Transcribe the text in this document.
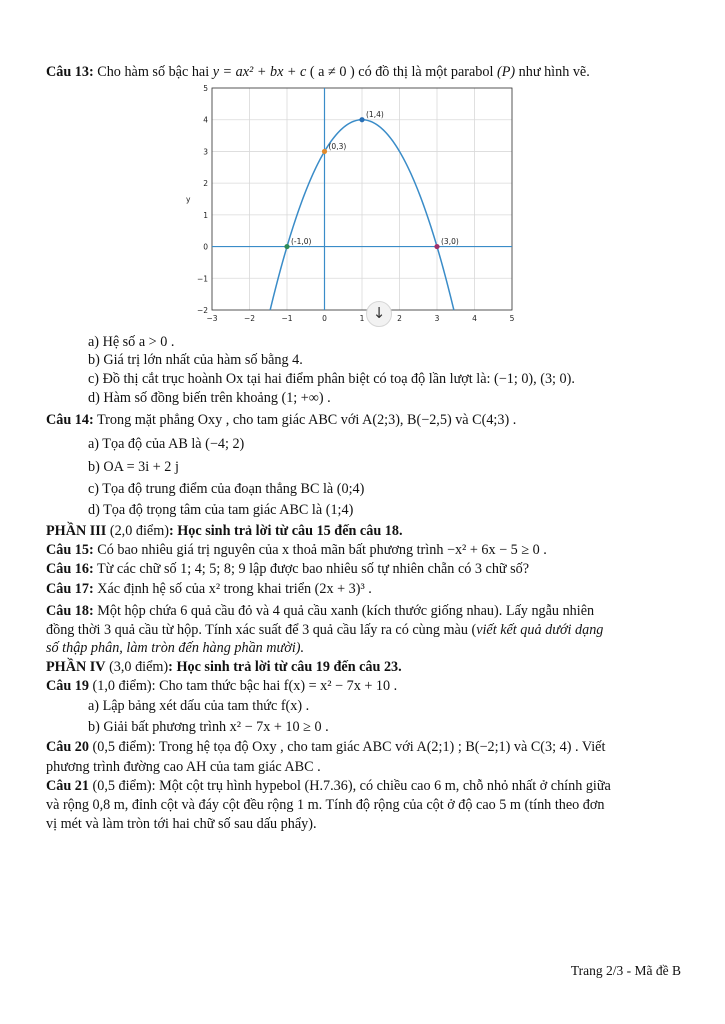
Câu 13: Cho hàm số bậc hai y = ax² + bx + c ( a ≠ 0 ) có đồ thị là một parabol (P) như hình vẽ.
(1,4)
(0,3)
(-1,0)	(3,0)
−3	−2	−1	0	1	2	3	4	5
5
4
3
2
1
0
−1
−2
y
↓
a) Hệ số a > 0 .
b) Giá trị lớn nhất của hàm số bằng 4.
c) Đồ thị cắt trục hoành Ox tại hai điểm phân biệt có toạ độ lần lượt là: (−1; 0), (3; 0).
d) Hàm số đồng biến trên khoảng (1; +∞) .
Câu 14: Trong mặt phẳng Oxy , cho tam giác ABC với A(2;3), B(−2,5) và C(4;3) .
a) Tọa độ của AB là (−4; 2)
b) OA = 3i + 2 j
c) Tọa độ trung điểm của đoạn thẳng BC là (0;4)
d) Tọa độ trọng tâm của tam giác ABC là (1;4)
PHẦN III (2,0 điểm): Học sinh trả lời từ câu 15 đến câu 18.
Câu 15: Có bao nhiêu giá trị nguyên của x thoả mãn bất phương trình −x² + 6x − 5 ≥ 0 .
Câu 16: Từ các chữ số 1; 4; 5; 8; 9 lập được bao nhiêu số tự nhiên chẵn có 3 chữ số?
Câu 17: Xác định hệ số của x² trong khai triển (2x + 3)³ .
Câu 18: Một hộp chứa 6 quả cầu đỏ và 4 quả cầu xanh (kích thước giống nhau). Lấy ngẫu nhiên
đồng thời 3 quả cầu từ hộp. Tính xác suất để 3 quả cầu lấy ra có cùng màu (viết kết quả dưới dạng
số thập phân, làm tròn đến hàng phần mười).
PHẦN IV (3,0 điểm): Học sinh trả lời từ câu 19 đến câu 23.
Câu 19 (1,0 điểm): Cho tam thức bậc hai f(x) = x² − 7x + 10 .
a) Lập bảng xét dấu của tam thức f(x) .
b) Giải bất phương trình x² − 7x + 10 ≥ 0 .
Câu 20 (0,5 điểm): Trong hệ tọa độ Oxy , cho tam giác ABC với A(2;1) ; B(−2;1) và C(3; 4) . Viết
phương trình đường cao AH của tam giác ABC .
Câu 21 (0,5 điểm): Một cột trụ hình hypebol (H.7.36), có chiều cao 6 m, chỗ nhỏ nhất ở chính giữa
và rộng 0,8 m, đỉnh cột và đáy cột đều rộng 1 m. Tính độ rộng của cột ở độ cao 5 m (tính theo đơn
vị mét và làm tròn tới hai chữ số sau dấu phẩy).
Trang 2/3 - Mã đề B
